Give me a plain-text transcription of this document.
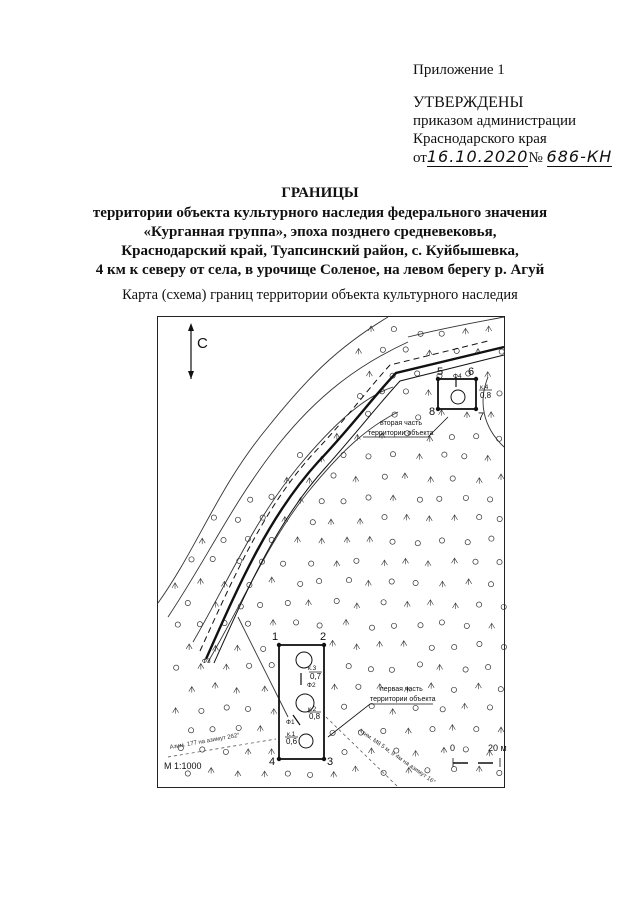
Приложение 1
УТВЕРЖДЕНЫ
приказом администрации
Краснодарского края
от16.10.2020№ 686-КН
ГРАНИЦЫ
территории объекта культурного наследия федерального значения
«Курганная группа», эпоха позднего средневековья,
Краснодарский край, Туапсинский район, с. Куйбышевка,
4 км к северу от села, в урочище Соленое, на левом берегу р. Агуй
Карта (схема) границ территории объекта культурного наследия
1	2
3
4
5 6
7
8
Ф1
Ф2
Ф3
Ф4
к.1
к.2
к.3
к.4
0,6
0,8
0,7
0,8
первая часть
территории объекта
вторая часть
территории объекта
Азим. 177 на азимут 262°	Азим. М8 5 м, 9 4м на азимут 16°
С
М 1:1000
0	20 м
